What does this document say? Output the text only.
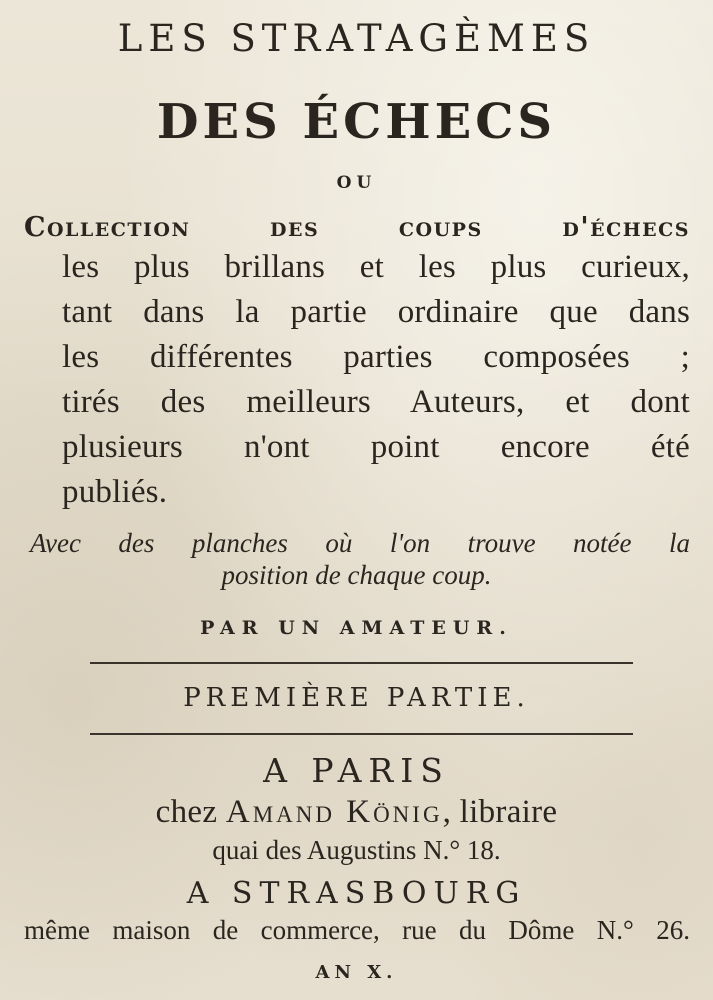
LES STRATAGÈMES
DES ÉCHECS
OU
Collection des coups d'échecs
les plus brillans et les plus curieux,
tant dans la partie ordinaire que dans
les différentes parties composées ;
tirés des meilleurs Auteurs, et dont
plusieurs n'ont point encore été
publiés.
Avec des planches où l'on trouve notée la
position de chaque coup.
PAR UN AMATEUR.
PREMIÈRE PARTIE.
A PARIS
chez Amand König, libraire
quai des Augustins N.° 18.
A STRASBOURG
même maison de commerce, rue du Dôme N.° 26.
AN X.
